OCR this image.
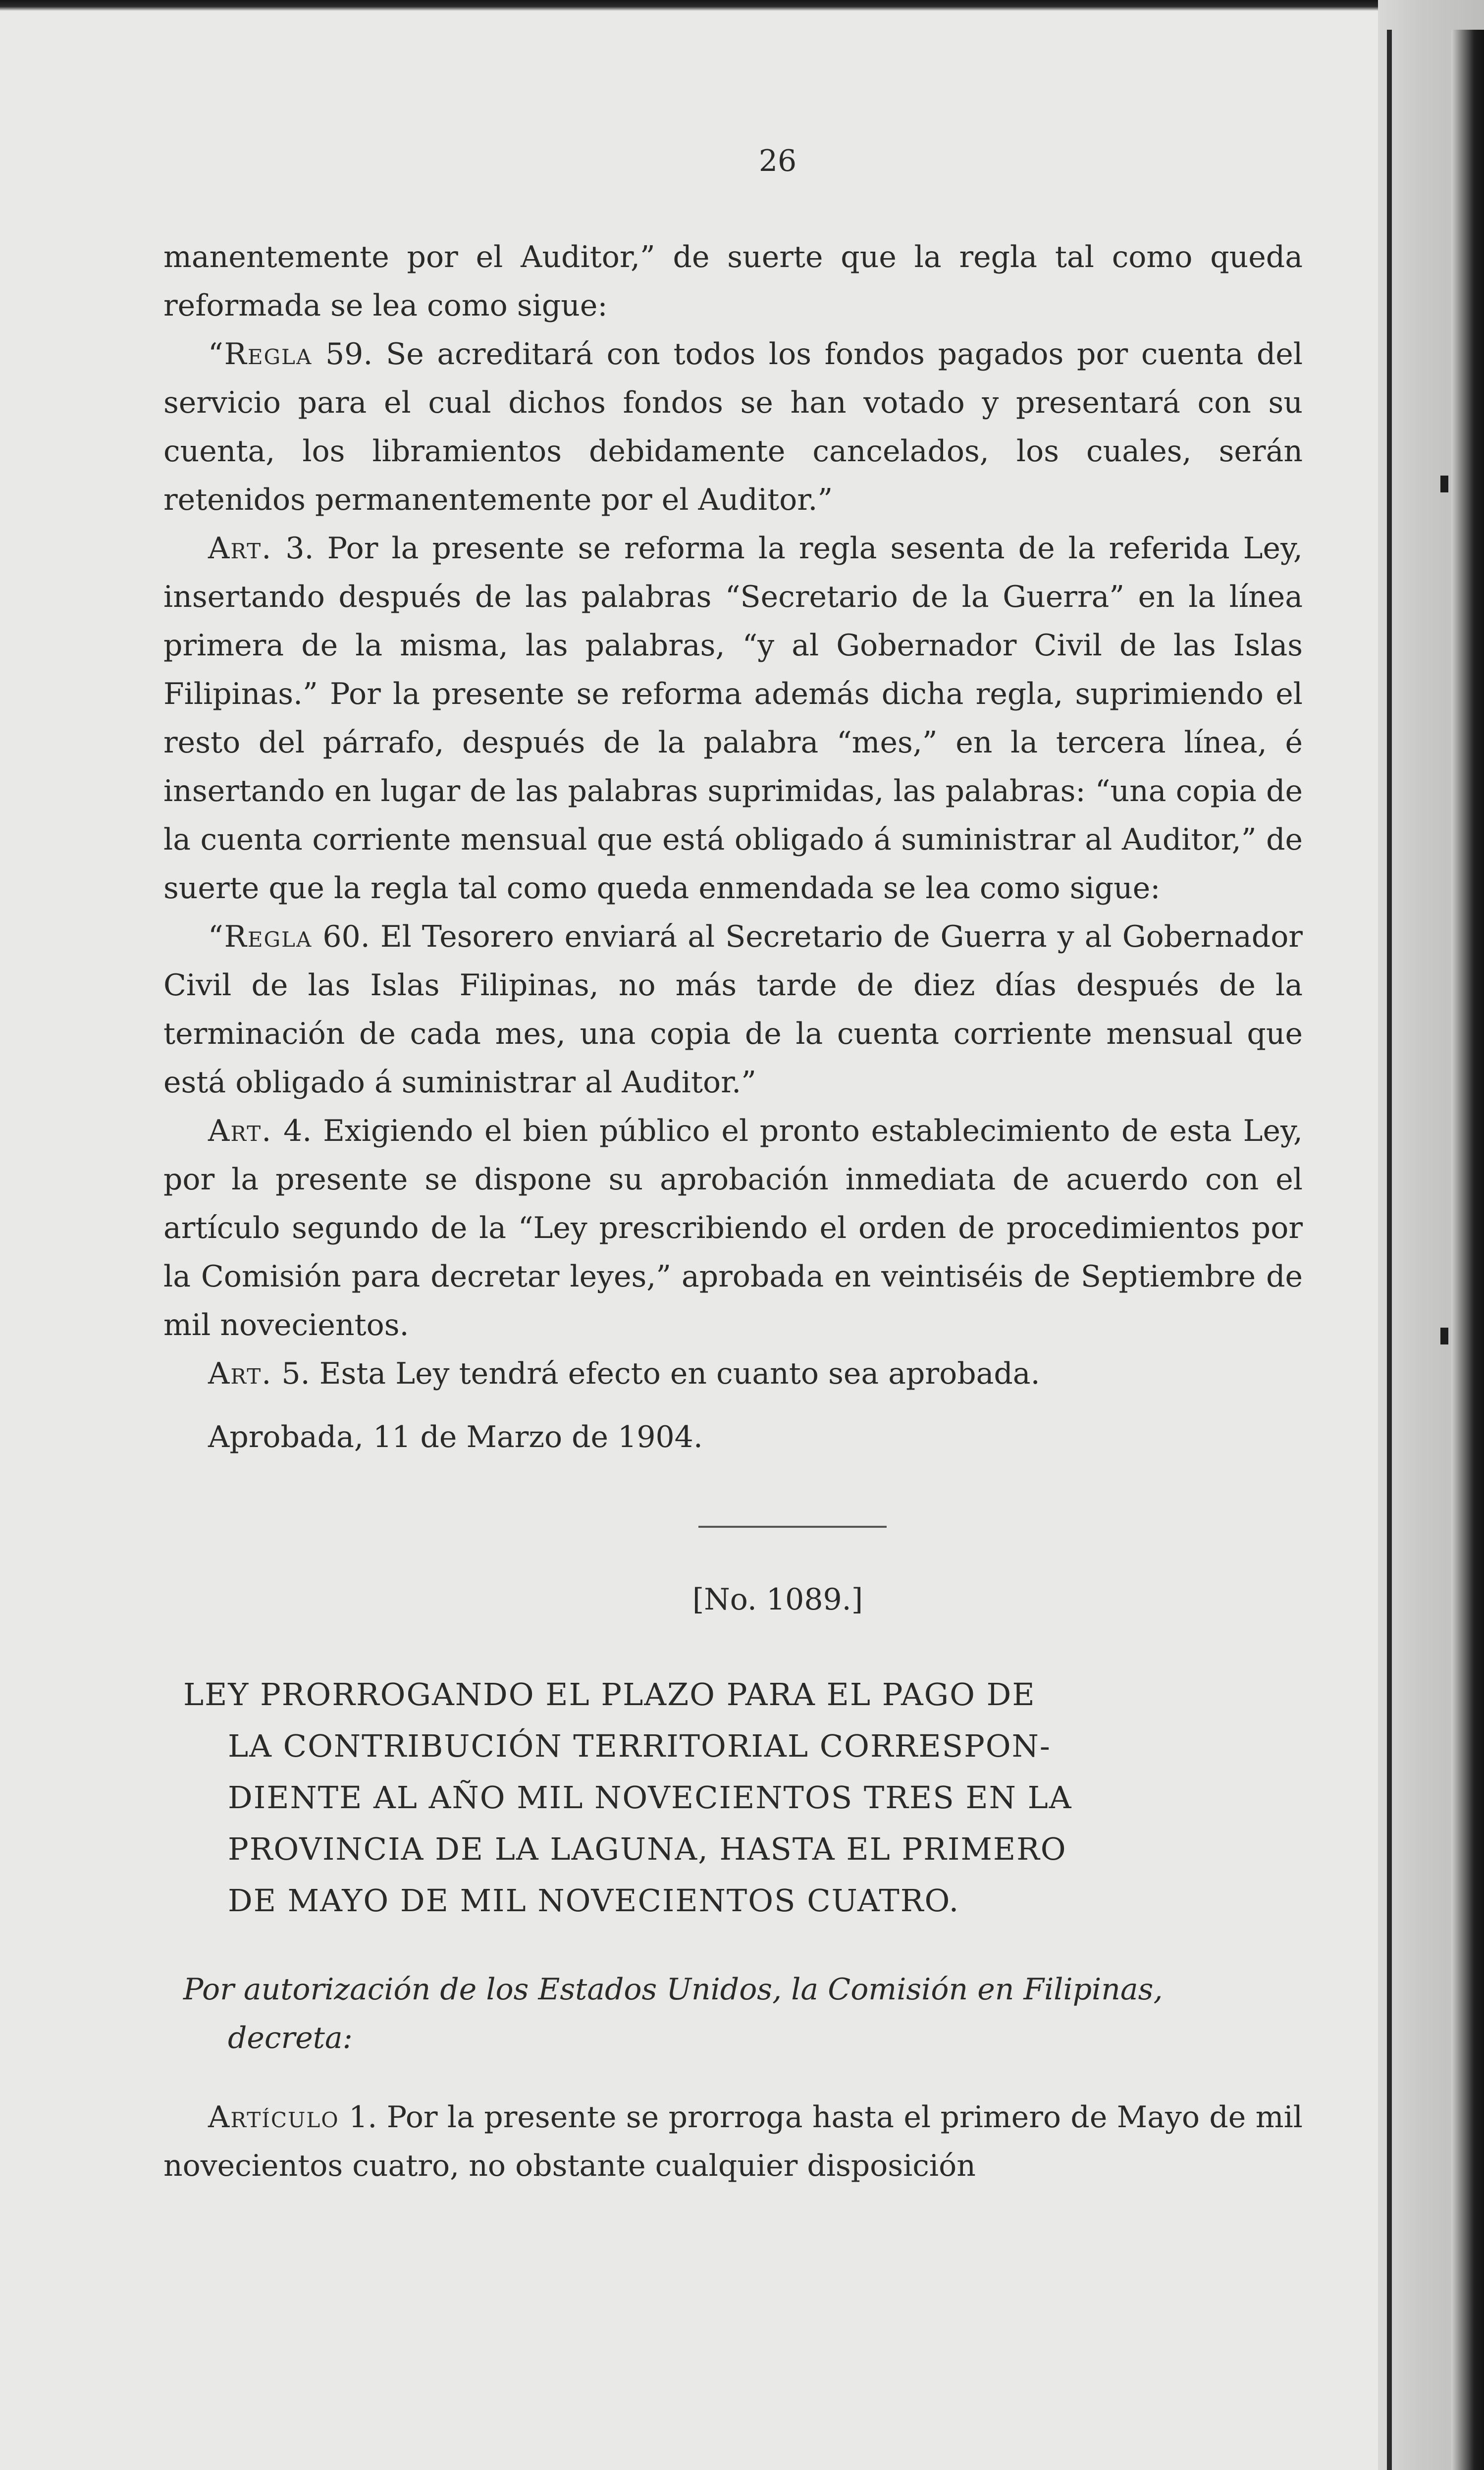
26

manentemente por el Auditor,” de suerte que la regla tal como queda reformada se lea como sigue:

“Regla 59. Se acreditará con todos los fondos pagados por cuenta del servicio para el cual dichos fondos se han votado y presentará con su cuenta, los libramientos debidamente cancelados, los cuales, serán retenidos permanentemente por el Auditor.”

Art. 3. Por la presente se reforma la regla sesenta de la referida Ley, insertando después de las palabras “Secretario de la Guerra” en la línea primera de la misma, las palabras, “y al Gobernador Civil de las Islas Filipinas.” Por la presente se reforma además dicha regla, suprimiendo el resto del párrafo, después de la palabra “mes,” en la tercera línea, é insertando en lugar de las palabras suprimidas, las palabras: “una copia de la cuenta corriente mensual que está obligado á suministrar al Auditor,” de suerte que la regla tal como queda enmendada se lea como sigue:

“Regla 60. El Tesorero enviará al Secretario de Guerra y al Gobernador Civil de las Islas Filipinas, no más tarde de diez días después de la terminación de cada mes, una copia de la cuenta corriente mensual que está obligado á suministrar al Auditor.”

Art. 4. Exigiendo el bien público el pronto establecimiento de esta Ley, por la presente se dispone su aprobación inmediata de acuerdo con el artículo segundo de la “Ley prescribiendo el orden de procedimientos por la Comisión para decretar leyes,” aprobada en veintiséis de Septiembre de mil novecientos.

Art. 5. Esta Ley tendrá efecto en cuanto sea aprobada.

Aprobada, 11 de Marzo de 1904.

[No. 1089.]
LEY PRORROGANDO EL PLAZO PARA EL PAGO DE
LA CONTRIBUCIÓN TERRITORIAL CORRESPON-
DIENTE AL AÑO MIL NOVECIENTOS TRES EN LA
PROVINCIA DE LA LAGUNA, HASTA EL PRIMERO
DE MAYO DE MIL NOVECIENTOS CUATRO.
Por autorización de los Estados Unidos, la Comisión en Filipinas,
decreta:

Artículo 1. Por la presente se prorroga hasta el primero de Mayo de mil novecientos cuatro, no obstante cualquier disposición
